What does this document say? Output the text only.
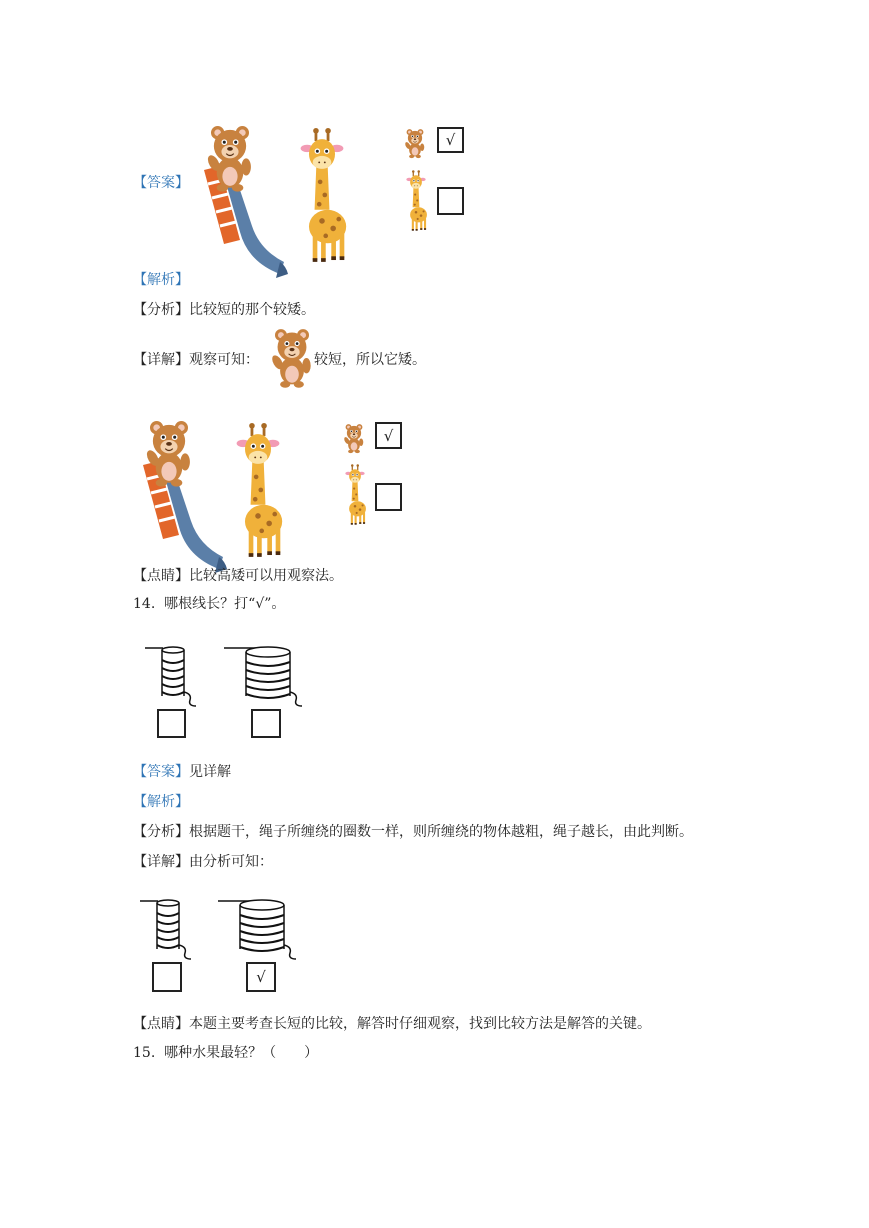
【答案】
√
【解析】
【分析】比较短的那个较矮。
【详解】观察可知：	较短，所以它矮。
√
【点睛】比较高矮可以用观察法。
14. 哪根线长？打“√”。
【答案】见详解
【解析】
【分析】根据题干，绳子所缠绕的圈数一样，则所缠绕的物体越粗，绳子越长，由此判断。
【详解】由分析可知：
√
【点睛】本题主要考查长短的比较，解答时仔细观察，找到比较方法是解答的关键。
15. 哪种水果最轻？（　　）
